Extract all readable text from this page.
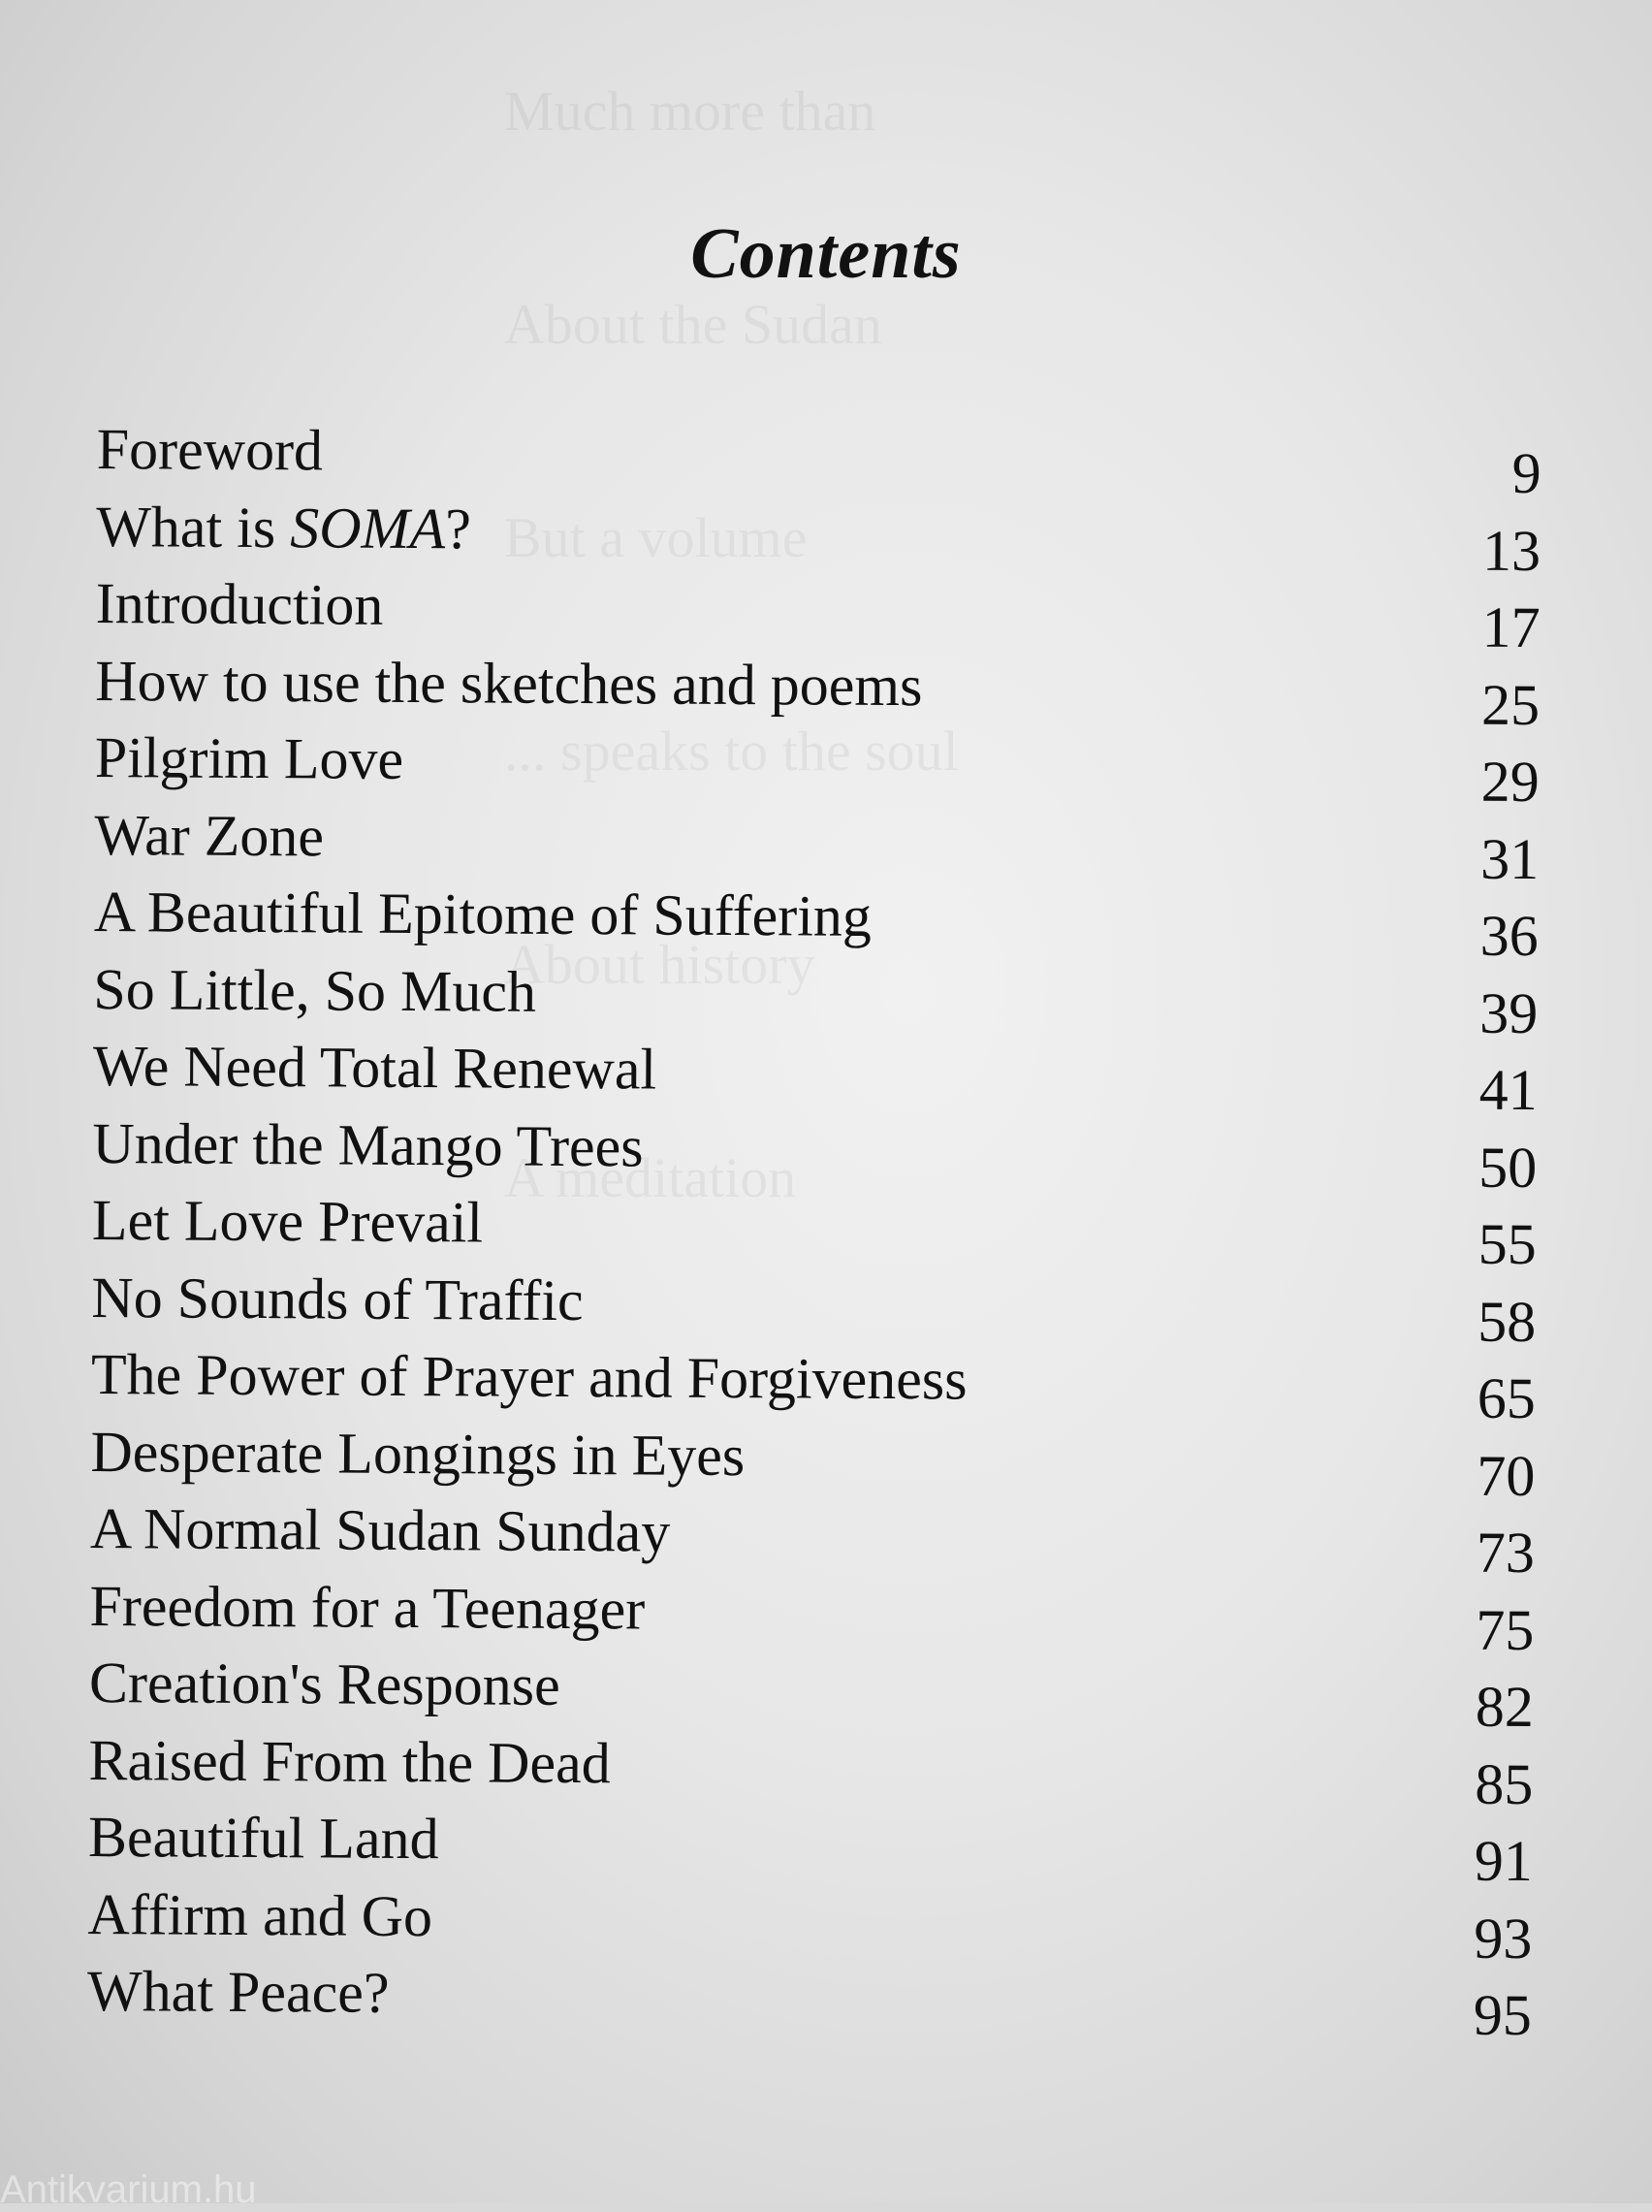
Much more than
About the Sudan
But a volume
... speaks to the soul
About history
A meditation
Contents
Foreword	9
What is SOMA?	13
Introduction	17
How to use the sketches and poems	25
Pilgrim Love	29
War Zone	31
A Beautiful Epitome of Suffering	36
So Little, So Much	39
We Need Total Renewal	41
Under the Mango Trees	50
Let Love Prevail	55
No Sounds of Traffic	58
The Power of Prayer and Forgiveness	65
Desperate Longings in Eyes	70
A Normal Sudan Sunday	73
Freedom for a Teenager	75
Creation's Response	82
Raised From the Dead	85
Beautiful Land	91
Affirm and Go	93
What Peace?	95
Antikvarium.hu
